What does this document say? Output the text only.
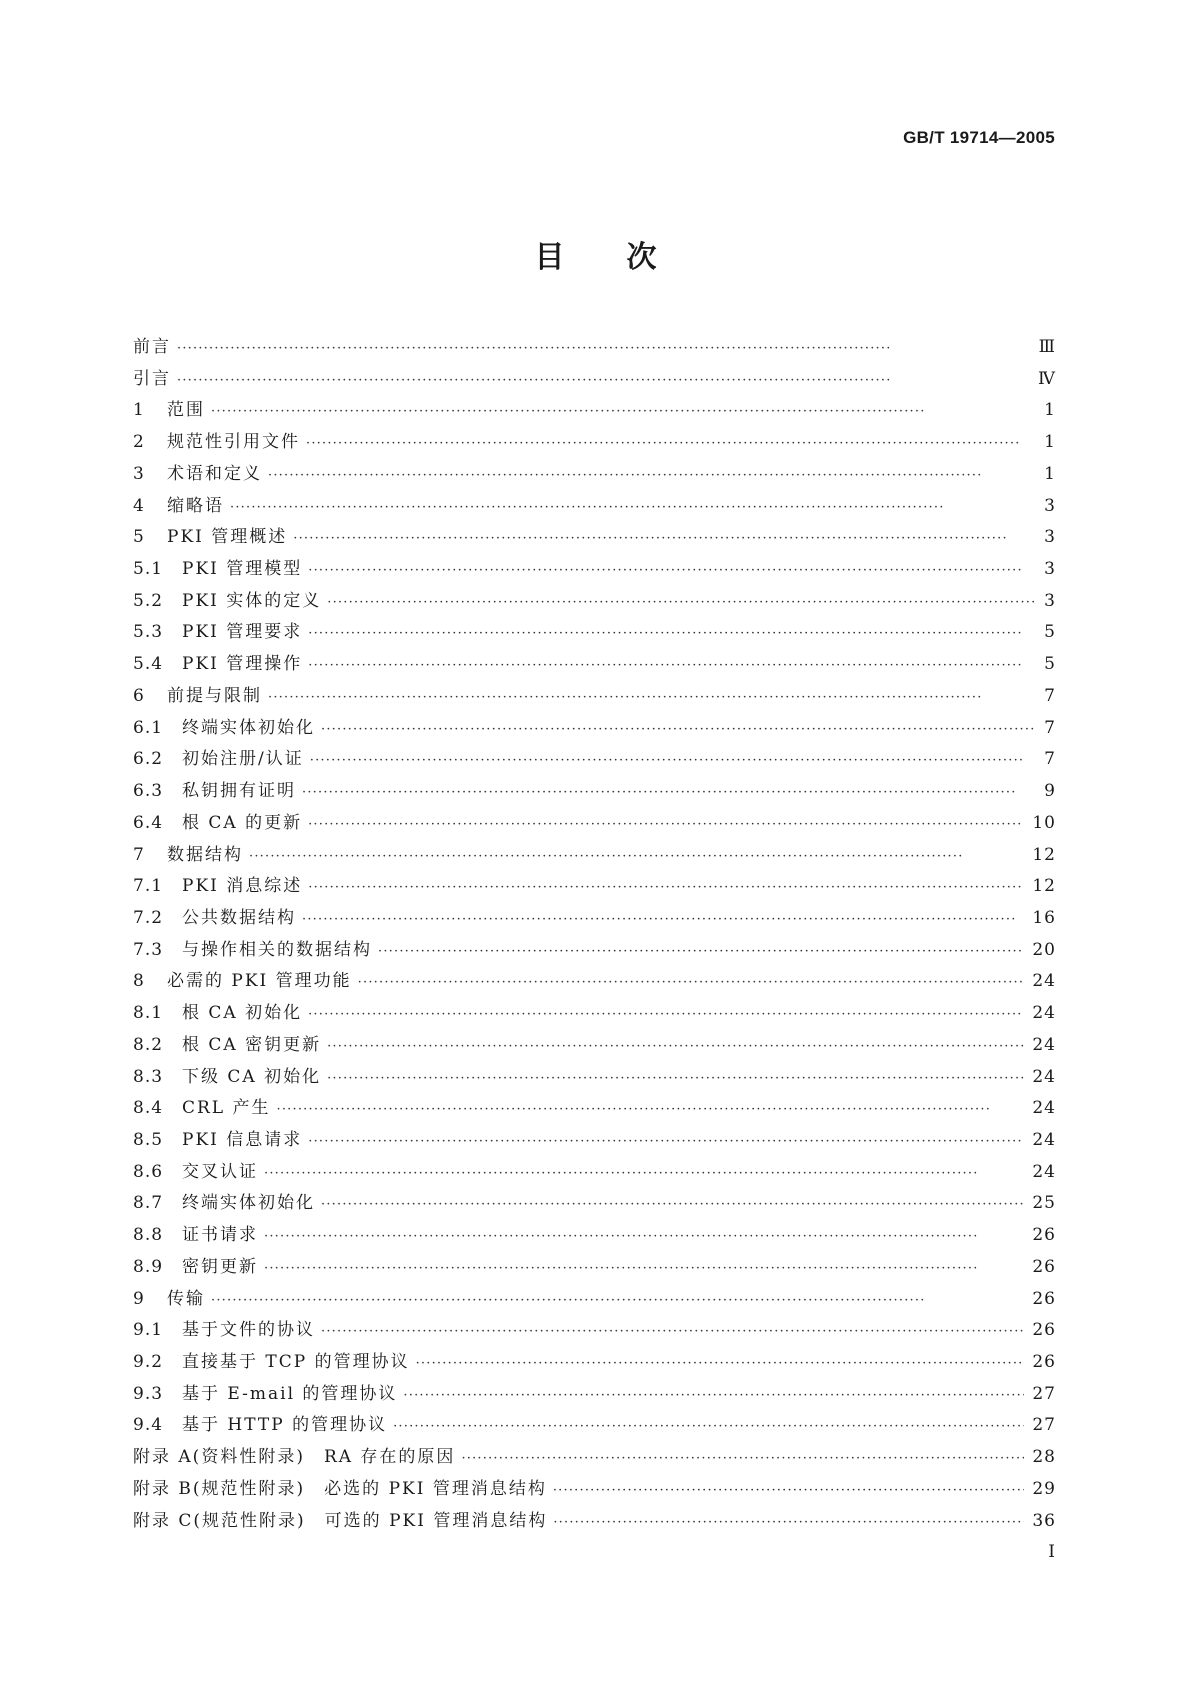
GB/T 19714—2005
目次
前言 ·····	Ⅲ
引言 ·····	Ⅳ
1	范围 ·····	1
2	规范性引用文件 ·····	1
3	术语和定义 ·····	1
4	缩略语 ·····	3
5	PKI 管理概述 ·····	3
5.1	PKI 管理模型 ·····	3
5.2	PKI 实体的定义 ·····	3
5.3	PKI 管理要求 ·····	5
5.4	PKI 管理操作 ·····	5
6	前提与限制 ·····	7
6.1	终端实体初始化 ·····	7
6.2	初始注册/认证 ·····	7
6.3	私钥拥有证明 ·····	9
6.4	根 CA 的更新 ·····	10
7	数据结构 ·····	12
7.1	PKI 消息综述 ·····	12
7.2	公共数据结构 ·····	16
7.3	与操作相关的数据结构 ·····	20
8	必需的 PKI 管理功能 ·····	24
8.1	根 CA 初始化 ·····	24
8.2	根 CA 密钥更新 ·····	24
8.3	下级 CA 初始化 ·····	24
8.4	CRL 产生 ·····	24
8.5	PKI 信息请求 ·····	24
8.6	交叉认证 ·····	24
8.7	终端实体初始化 ·····	25
8.8	证书请求 ·····	26
8.9	密钥更新 ·····	26
9	传输 ·····	26
9.1	基于文件的协议 ·····	26
9.2	直接基于 TCP 的管理协议 ·····	26
9.3	基于 E-mail 的管理协议 ·····	27
9.4	基于 HTTP 的管理协议 ·····	27
附录 A(资料性附录)　RA 存在的原因 ·····	28
附录 B(规范性附录)　必选的 PKI 管理消息结构 ·····	29
附录 C(规范性附录)　可选的 PKI 管理消息结构 ·····	36
I
